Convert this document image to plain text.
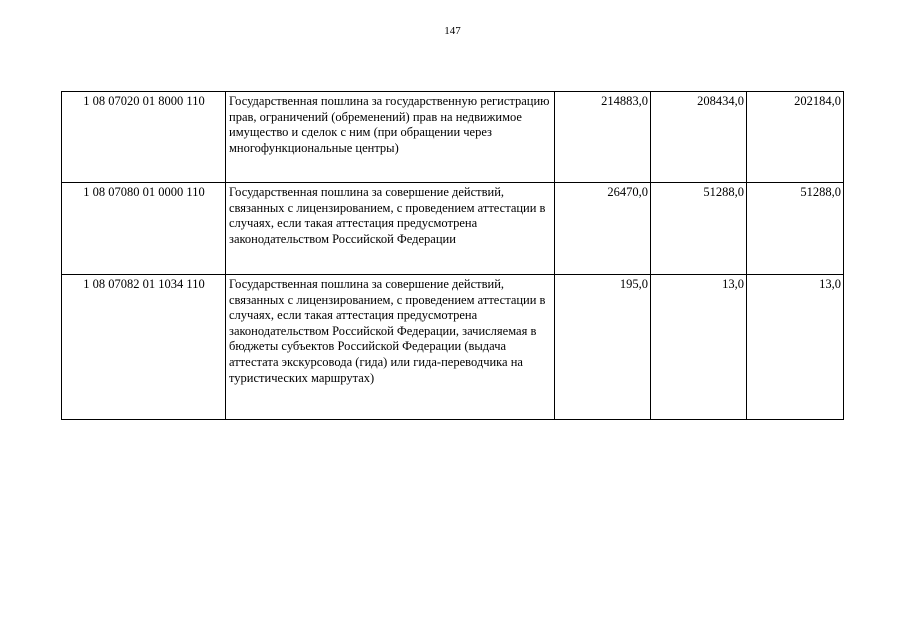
147
1 08 07020 01 8000 110	Государственная пошлина за государственную регистрацию прав, ограничений (обременений) прав на недвижимое имущество и сделок с ним (при обращении через многофункциональные центры)	214883,0	208434,0	202184,0
1 08 07080 01 0000 110	Государственная пошлина за совершение действий, связанных с лицензированием, с проведением аттестации в случаях, если такая аттестация предусмотрена законодательством Российской Федерации	26470,0	51288,0	51288,0
1 08 07082 01 1034 110	Государственная пошлина за совершение действий, связанных с лицензированием, с проведением аттестации в случаях, если такая аттестация предусмотрена законодательством Российской Федерации, зачисляемая в бюджеты субъектов Российской Федерации (выдача аттестата экскурсовода (гида) или гида-переводчика на туристических маршрутах)	195,0	13,0	13,0
